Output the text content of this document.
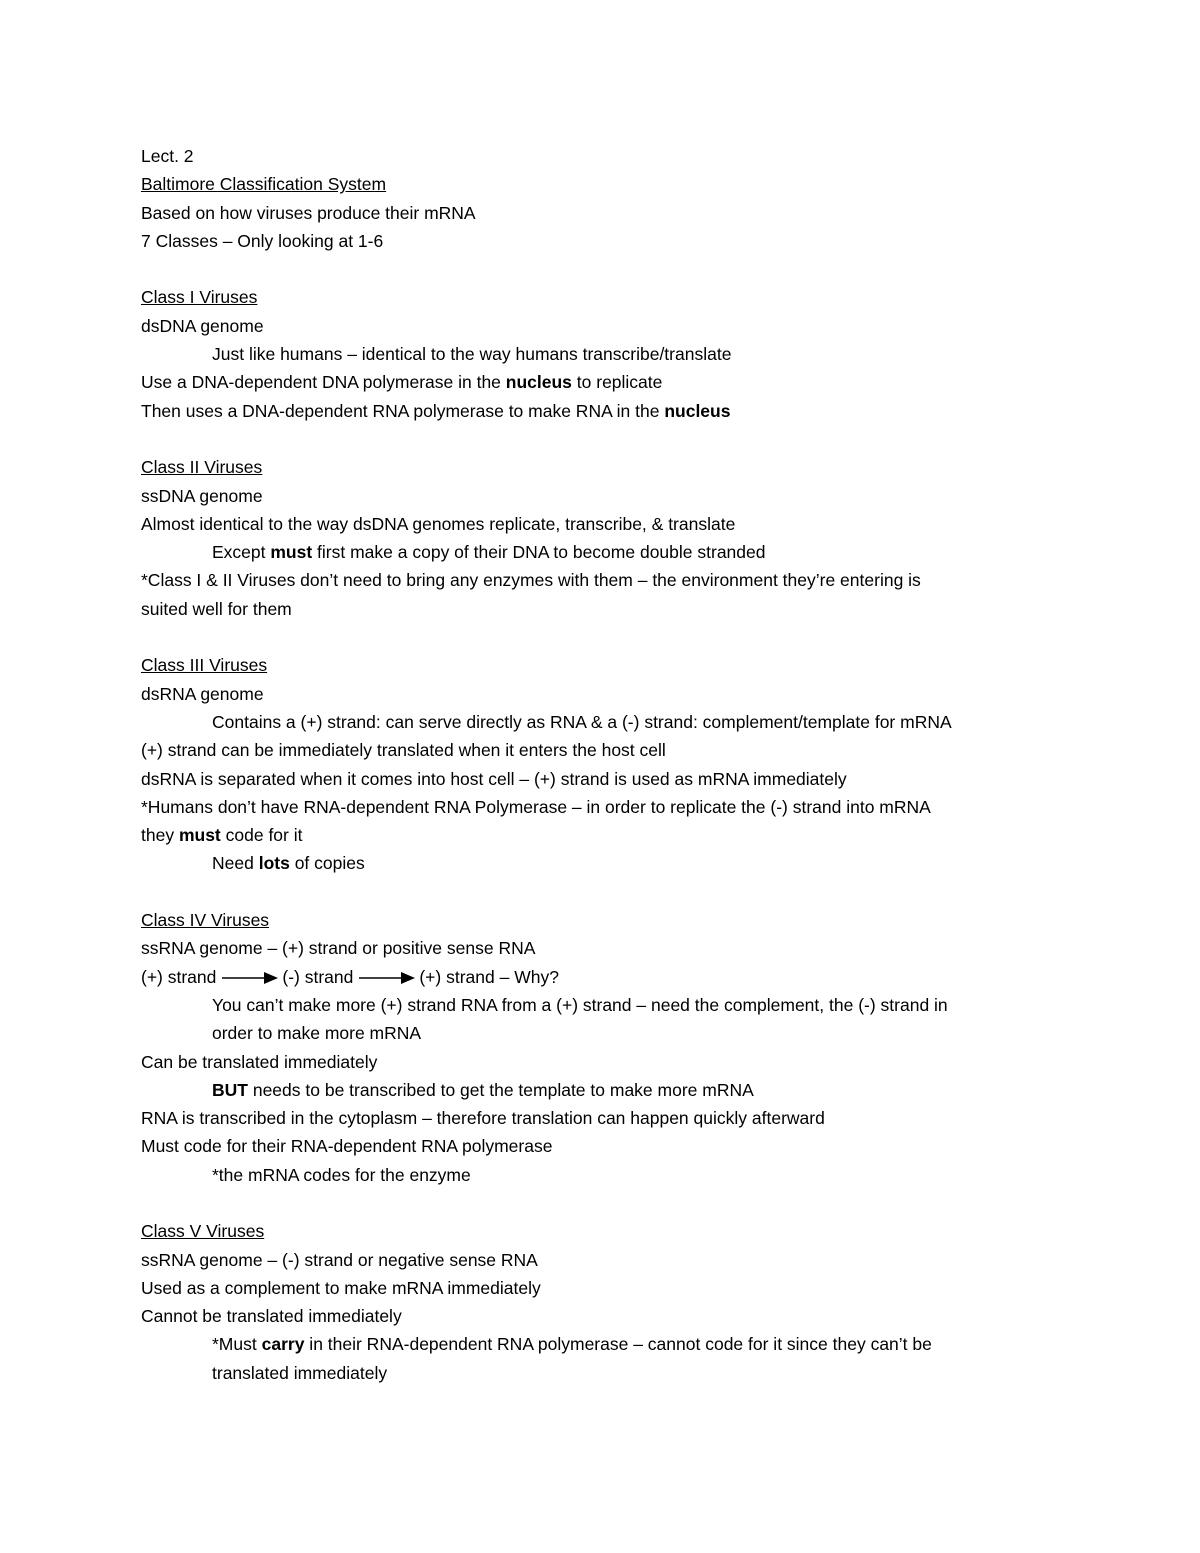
Lect. 2
Baltimore Classification System
Based on how viruses produce their mRNA
7 Classes – Only looking at 1-6
Class I Viruses
dsDNA genome
Just like humans – identical to the way humans transcribe/translate
Use a DNA-dependent DNA polymerase in the nucleus to replicate
Then uses a DNA-dependent RNA polymerase to make RNA in the nucleus
Class II Viruses
ssDNA genome
Almost identical to the way dsDNA genomes replicate, transcribe, & translate
Except must first make a copy of their DNA to become double stranded
*Class I & II Viruses don’t need to bring any enzymes with them – the environment they’re entering is
suited well for them
Class III Viruses
dsRNA genome
Contains a (+) strand: can serve directly as RNA & a (-) strand: complement/template for mRNA
(+) strand can be immediately translated when it enters the host cell
dsRNA is separated when it comes into host cell – (+) strand is used as mRNA immediately
*Humans don’t have RNA-dependent RNA Polymerase – in order to replicate the (-) strand into mRNA
they must code for it
Need lots of copies
Class IV Viruses
ssRNA genome – (+) strand or positive sense RNA
(+) strand	(-) strand	(+) strand – Why?
You can’t make more (+) strand RNA from a (+) strand – need the complement, the (-) strand in
order to make more mRNA
Can be translated immediately
BUT needs to be transcribed to get the template to make more mRNA
RNA is transcribed in the cytoplasm – therefore translation can happen quickly afterward
Must code for their RNA-dependent RNA polymerase
*the mRNA codes for the enzyme
Class V Viruses
ssRNA genome – (-) strand or negative sense RNA
Used as a complement to make mRNA immediately
Cannot be translated immediately
*Must carry in their RNA-dependent RNA polymerase – cannot code for it since they can’t be
translated immediately
